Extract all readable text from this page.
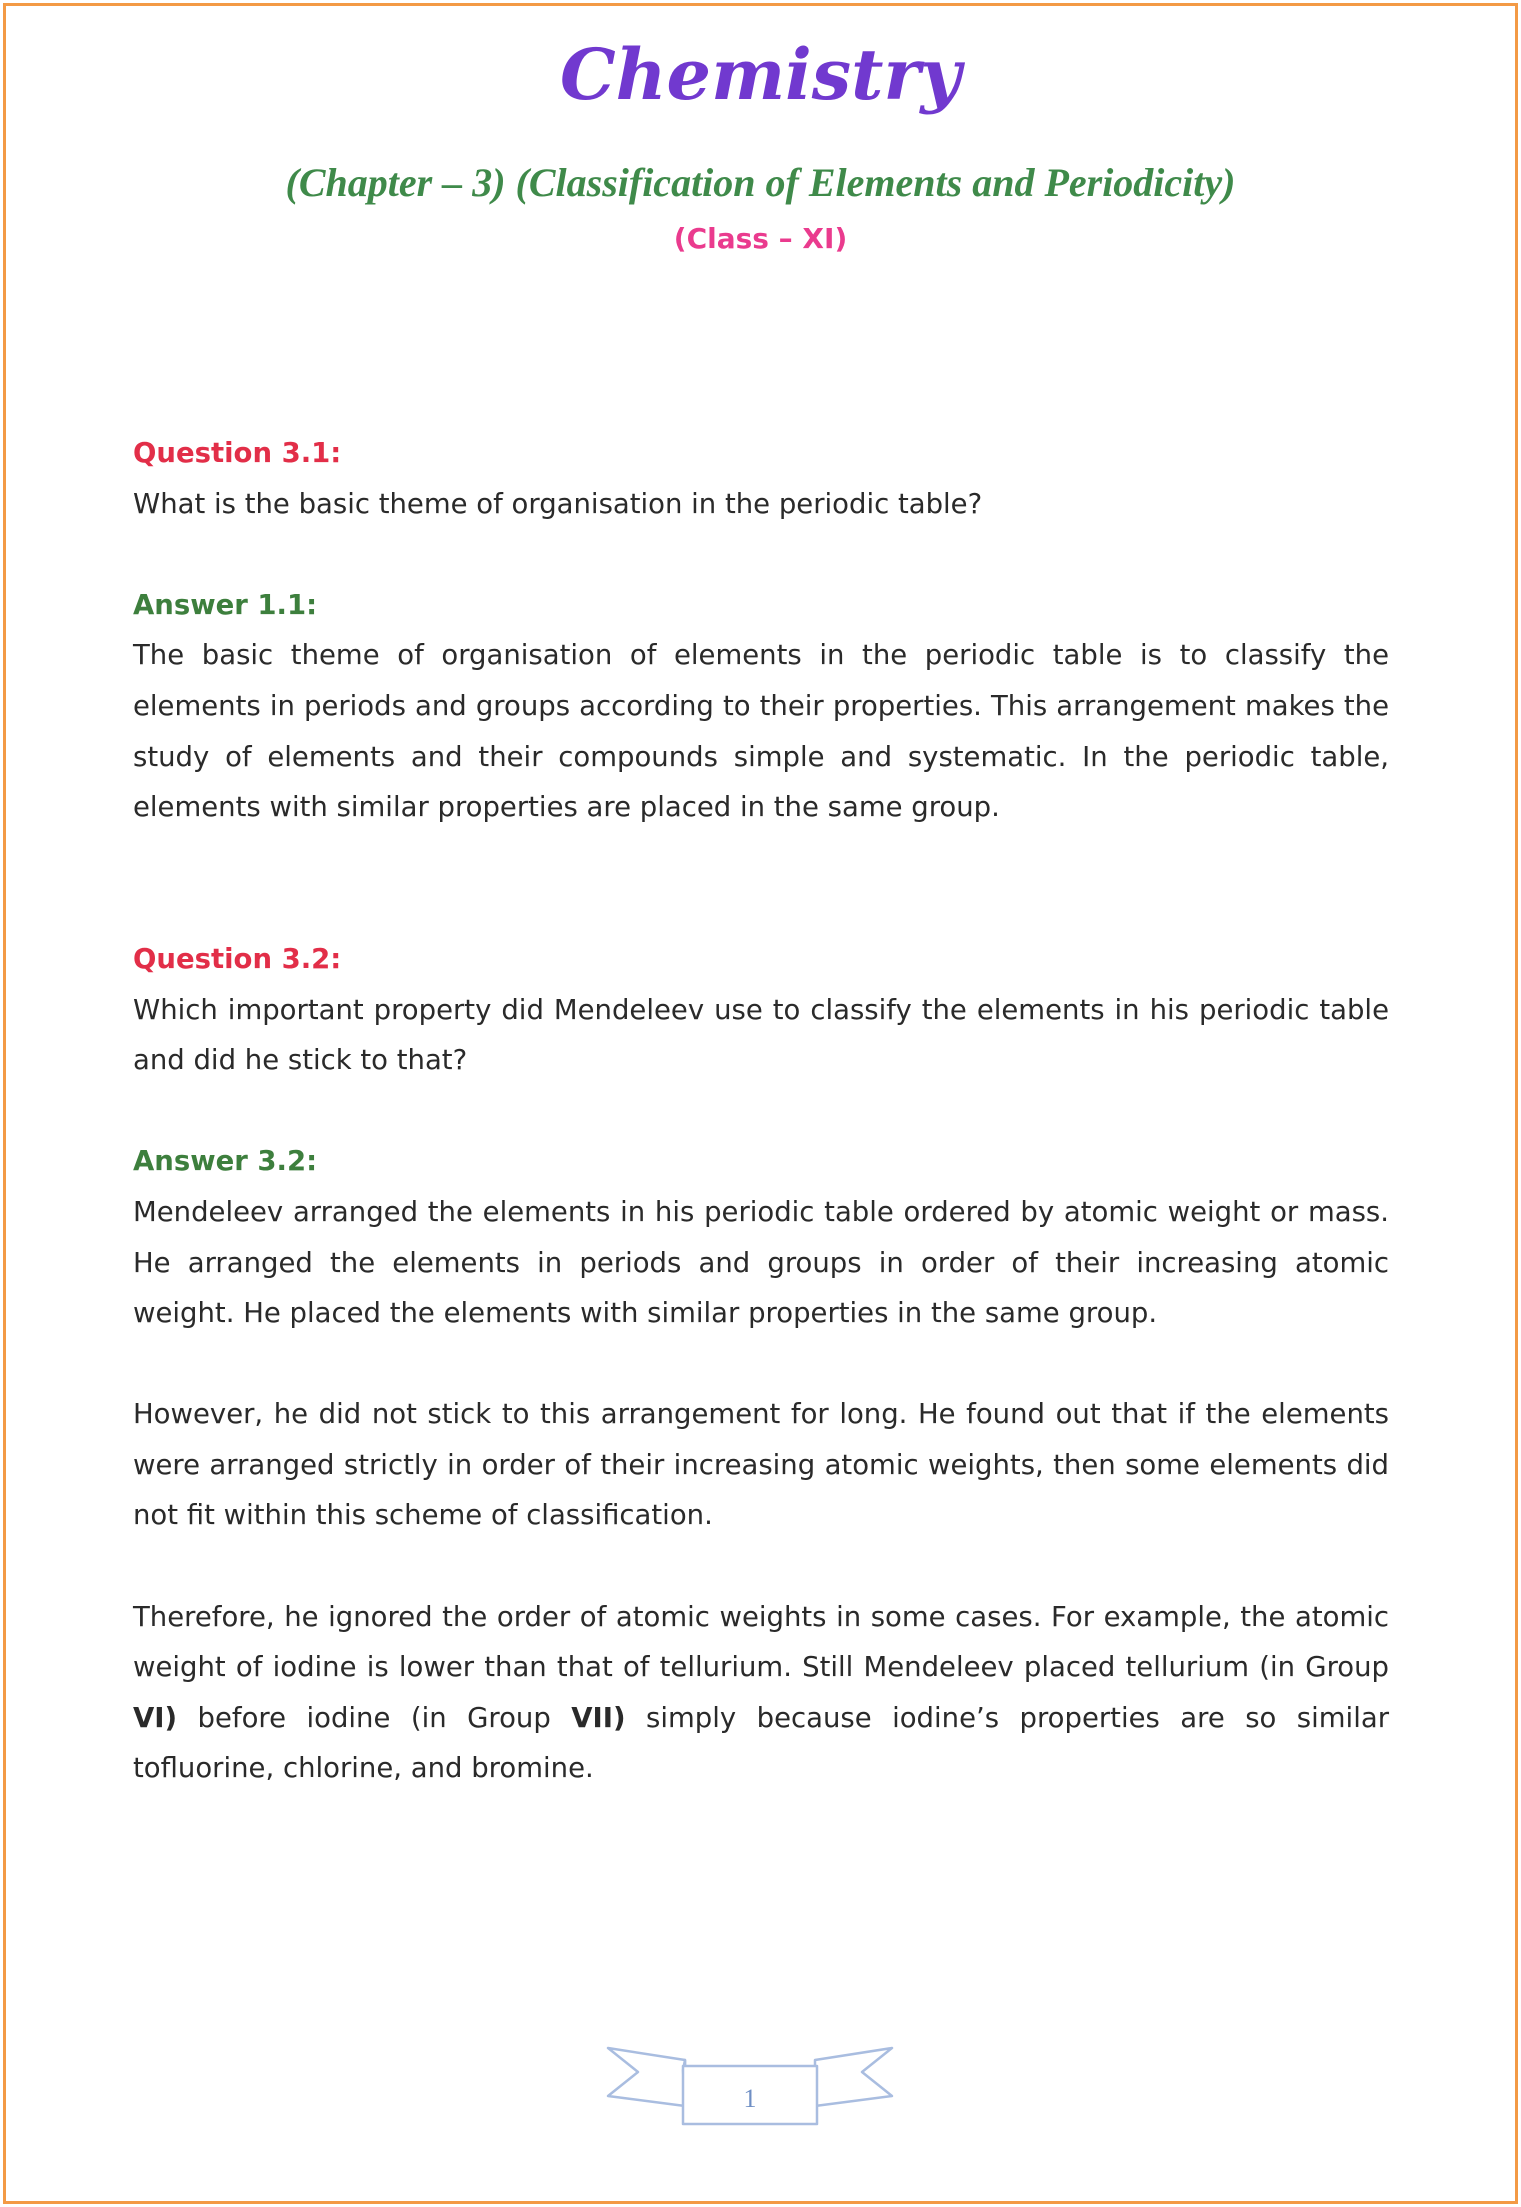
Chemistry
(Chapter – 3) (Classification of Elements and Periodicity)
(Class – XI)

Question 3.1:

What is the basic theme of organisation in the periodic table?

Answer 1.1:

The basic theme of organisation of elements in the periodic table is to classify the elements in periods and groups according to their properties. This arrangement makes the study of elements and their compounds simple and systematic. In the periodic table, elements with similar properties are placed in the same group.

Question 3.2:

Which important property did Mendeleev use to classify the elements in his periodic table and did he stick to that?

Answer 3.2:

Mendeleev arranged the elements in his periodic table ordered by atomic weight or mass. He arranged the elements in periods and groups in order of their increasing atomic weight. He placed the elements with similar properties in the same group.

However, he did not stick to this arrangement for long. He found out that if the elements were arranged strictly in order of their increasing atomic weights, then some elements did not fit within this scheme of classification.

Therefore, he ignored the order of atomic weights in some cases. For example, the atomic weight of iodine is lower than that of tellurium. Still Mendeleev placed tellurium (in Group VI) before iodine (in Group VII) simply because iodine’s properties are so similar tofluorine, chlorine, and bromine.

1
